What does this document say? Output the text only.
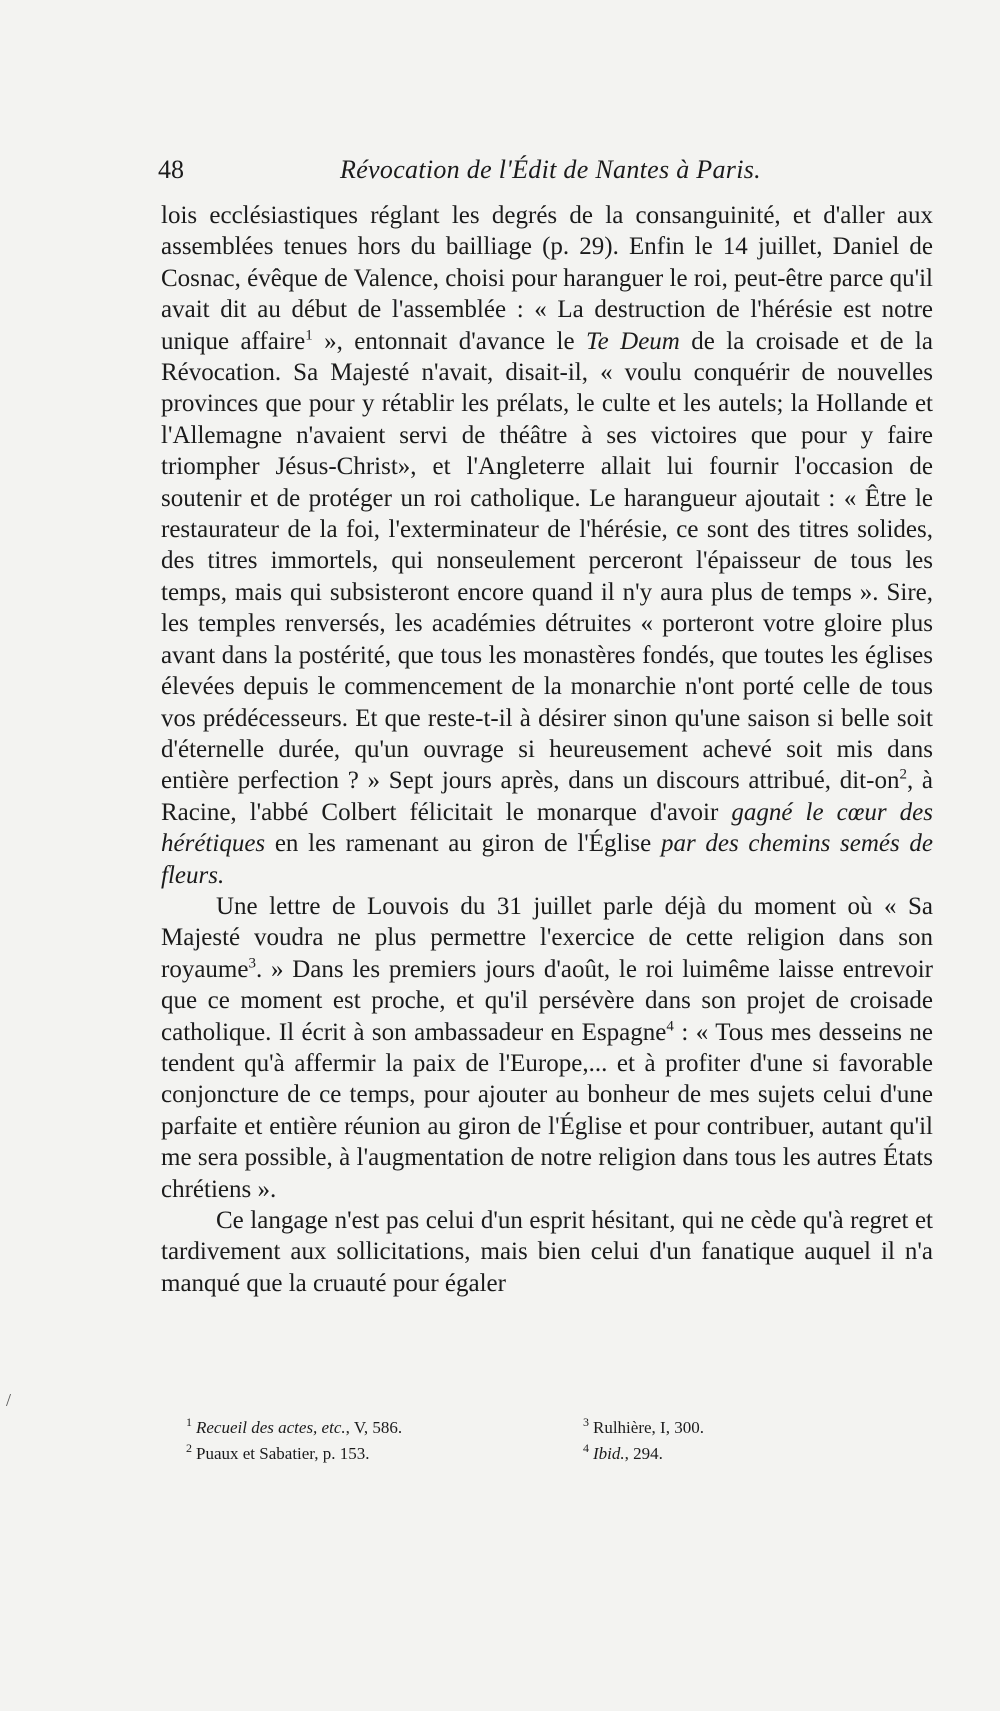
48	Révocation de l'Édit de Nantes à Paris.

lois ecclésiastiques réglant les degrés de la consanguinité, et d'aller aux assemblées tenues hors du bailliage (p. 29). Enfin le 14 juillet, Daniel de Cosnac, évêque de Valence, choisi pour haranguer le roi, peut-être parce qu'il avait dit au début de l'assemblée : « La destruction de l'hérésie est notre unique affaire$^1$ », entonnait d'avance le Te Deum de la croisade et de la Révocation. Sa Majesté n'avait, disait-il, « voulu conquérir de nouvelles provinces que pour y rétablir les prélats, le culte et les autels; la Hollande et l'Allemagne n'avaient servi de théâtre à ses victoires que pour y faire triompher Jésus-Christ», et l'Angleterre allait lui fournir l'occasion de soutenir et de protéger un roi catholique. Le harangueur ajoutait : « Être le restaurateur de la foi, l'exterminateur de l'hérésie, ce sont des titres solides, des titres immortels, qui nonseulement perceront l'épaisseur de tous les temps, mais qui subsisteront encore quand il n'y aura plus de temps ». Sire, les temples renversés, les académies détruites « porteront votre gloire plus avant dans la postérité, que tous les monastères fondés, que toutes les églises élevées depuis le commencement de la monarchie n'ont porté celle de tous vos prédécesseurs. Et que reste-t-il à désirer sinon qu'une saison si belle soit d'éternelle durée, qu'un ouvrage si heureusement achevé soit mis dans entière perfection ? » Sept jours après, dans un discours attribué, dit-on$^2$, à Racine, l'abbé Colbert félicitait le monarque d'avoir gagné le cœur des hérétiques en les ramenant au giron de l'Église par des chemins semés de fleurs.

Une lettre de Louvois du 31 juillet parle déjà du moment où « Sa Majesté voudra ne plus permettre l'exercice de cette religion dans son royaume$^3$. » Dans les premiers jours d'août, le roi luimême laisse entrevoir que ce moment est proche, et qu'il persévère dans son projet de croisade catholique. Il écrit à son ambassadeur en Espagne$^4$ : « Tous mes desseins ne tendent qu'à affermir la paix de l'Europe,... et à profiter d'une si favorable conjoncture de ce temps, pour ajouter au bonheur de mes sujets celui d'une parfaite et entière réunion au giron de l'Église et pour contribuer, autant qu'il me sera possible, à l'augmentation de notre religion dans tous les autres États chrétiens ».

Ce langage n'est pas celui d'un esprit hésitant, qui ne cède qu'à regret et tardivement aux sollicitations, mais bien celui d'un fanatique auquel il n'a manqué que la cruauté pour égaler

$^1$ Recueil des actes, etc., V, 586.	$^3$ Rulhière, I, 300.
$^2$ Puaux et Sabatier, p. 153.	$^4$ Ibid., 294.
/
